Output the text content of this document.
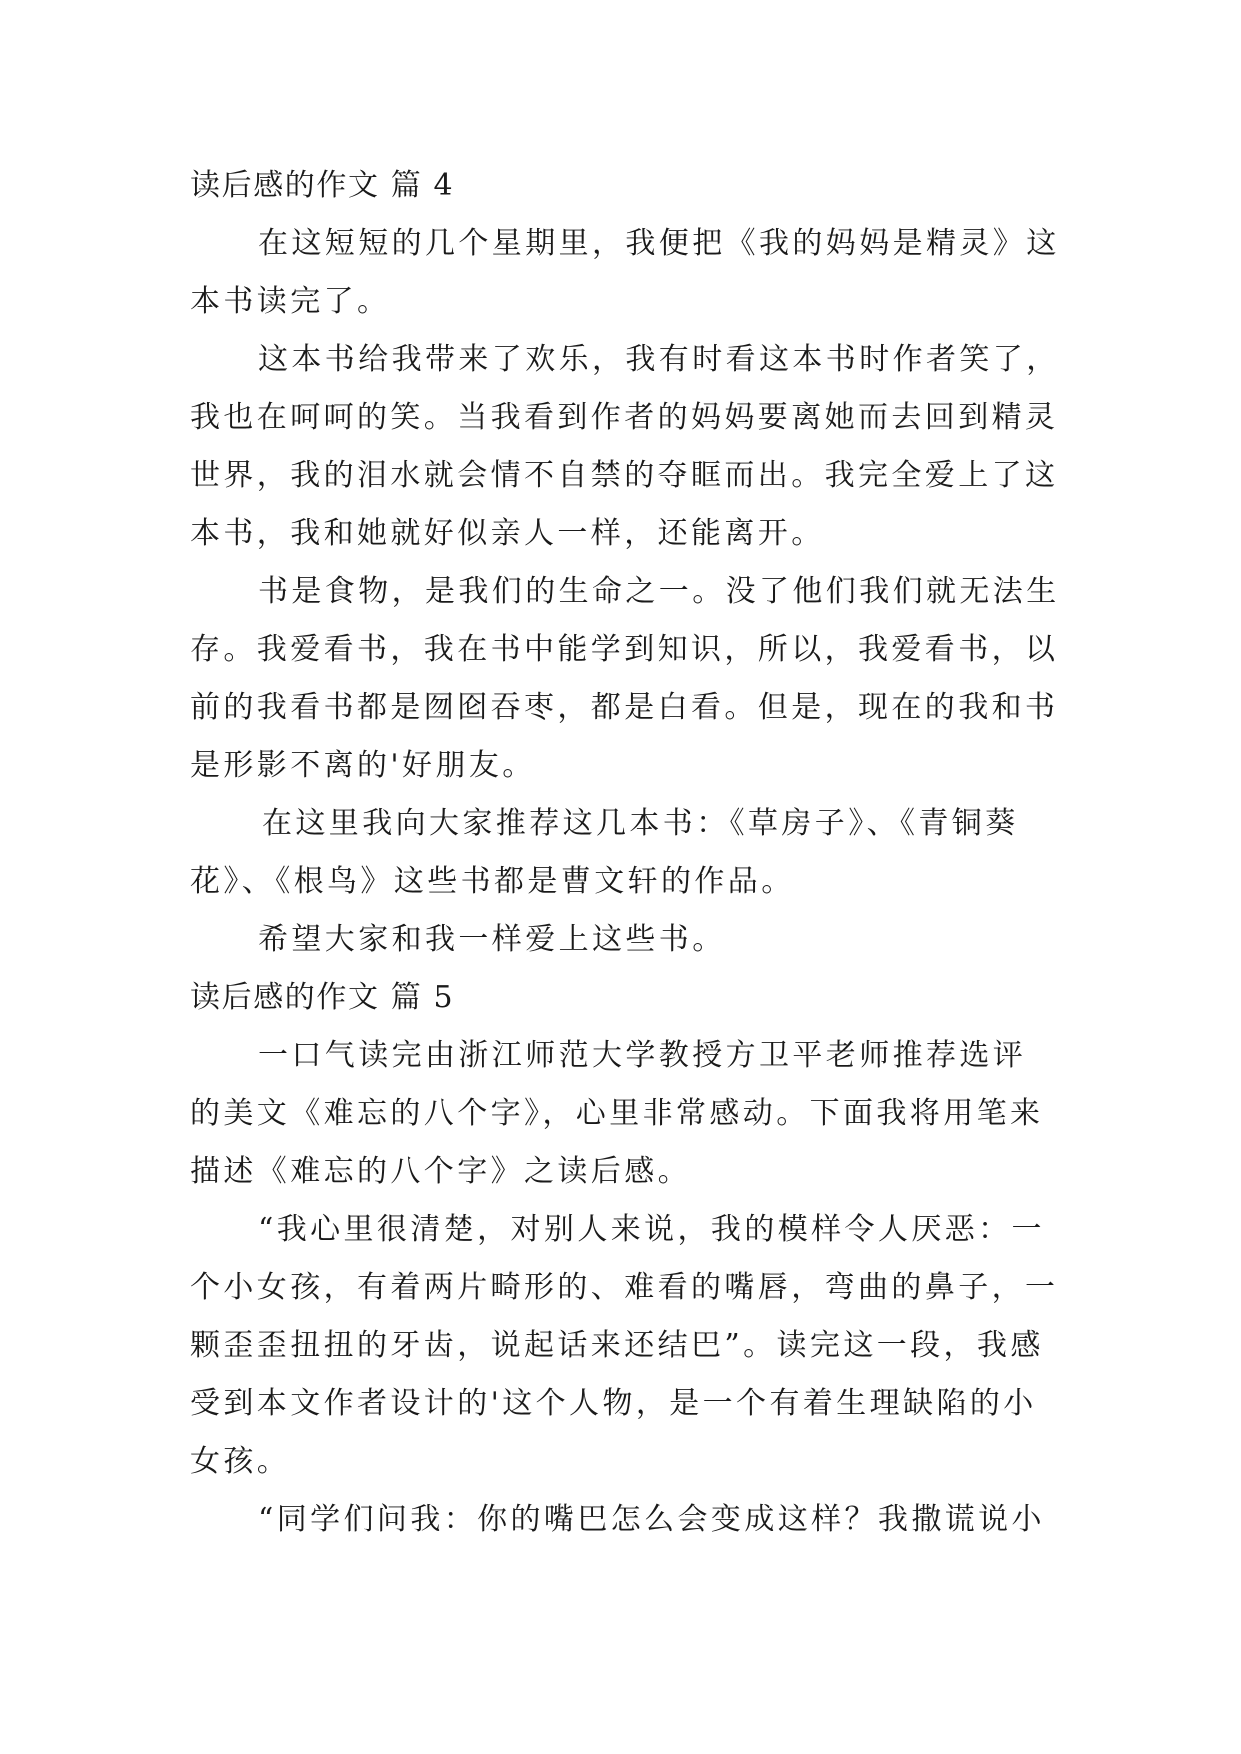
读后感的作文 篇 4
在这短短的几个星期里，我便把《我的妈妈是精灵》这
本书读完了。
这本书给我带来了欢乐，我有时看这本书时作者笑了，
我也在呵呵的笑。当我看到作者的妈妈要离她而去回到精灵
世界，我的泪水就会情不自禁的夺眶而出。我完全爱上了这
本书，我和她就好似亲人一样，还能离开。
书是食物，是我们的生命之一。没了他们我们就无法生
存。我爱看书，我在书中能学到知识，所以，我爱看书，以
前的我看书都是囫囵吞枣，都是白看。但是，现在的我和书
是形影不离的'好朋友。
在这里我向大家推荐这几本书：《草房子》、《青铜葵
花》、《根鸟》这些书都是曹文轩的作品。
希望大家和我一样爱上这些书。
读后感的作文 篇 5
一口气读完由浙江师范大学教授方卫平老师推荐选评
的美文《难忘的八个字》，心里非常感动。下面我将用笔来
描述《难忘的八个字》之读后感。
“我心里很清楚，对别人来说，我的模样令人厌恶：一
个小女孩，有着两片畸形的、难看的嘴唇，弯曲的鼻子，一
颗歪歪扭扭的牙齿，说起话来还结巴”。读完这一段，我感
受到本文作者设计的'这个人物，是一个有着生理缺陷的小
女孩。
“同学们问我：你的嘴巴怎么会变成这样？我撒谎说小
